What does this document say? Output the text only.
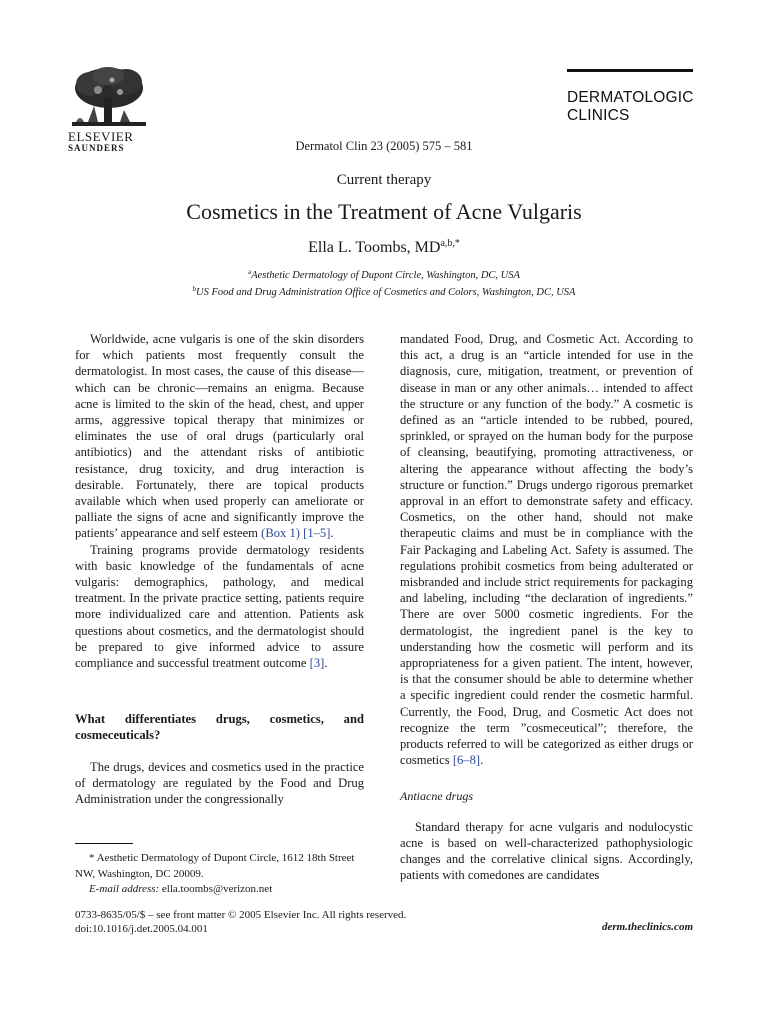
ELSEVIER
SAUNDERS
DERMATOLOGIC
CLINICS
Dermatol Clin 23 (2005) 575 – 581
Current therapy
Cosmetics in the Treatment of Acne Vulgaris
Ella L. Toombs, $MD^{a,b,*}$
$^a$Aesthetic Dermatology of Dupont Circle, Washington, DC, USA
$^b$US Food and Drug Administration Office of Cosmetics and Colors, Washington, DC, USA

Worldwide, acne vulgaris is one of the skin disorders for which patients most frequently consult the dermatologist. In most cases, the cause of this disease—which can be chronic—remains an enigma. Because acne is limited to the skin of the head, chest, and upper arms, aggressive topical therapy that minimizes or eliminates the use of oral drugs (particularly oral antibiotics) and the attendant risks of antibiotic resistance, drug toxicity, and drug interaction is desirable. Fortunately, there are topical products available which when used properly can ameliorate or palliate the signs of acne and significantly improve the patients’ appearance and self esteem (Box 1) [1–5].

Training programs provide dermatology residents with basic knowledge of the fundamentals of acne vulgaris: demographics, pathology, and medical treatment. In the private practice setting, patients require more individualized care and attention. Patients ask questions about cosmetics, and the dermatologist should be prepared to give informed advice to assure compliance and successful treatment outcome [3].

What differentiates drugs, cosmetics, and cosmeceuticals?

The drugs, devices and cosmetics used in the practice of dermatology are regulated by the Food and Drug Administration under the congressionally

mandated Food, Drug, and Cosmetic Act. According to this act, a drug is an “article intended for use in the diagnosis, cure, mitigation, treatment, or prevention of disease in man or any other animals… intended to affect the structure or any function of the body.” A cosmetic is defined as an “article intended to be rubbed, poured, sprinkled, or sprayed on the human body for the purpose of cleansing, beautifying, promoting attractiveness, or altering the appearance without affecting the body’s structure or function.” Drugs undergo rigorous premarket approval in an effort to demonstrate safety and efficacy. Cosmetics, on the other hand, should not make therapeutic claims and must be in compliance with the Fair Packaging and Labeling Act. Safety is assumed. The regulations prohibit cosmetics from being adulterated or misbranded and include strict requirements for packaging and labeling, including “the declaration of ingredients.” There are over 5000 cosmetic ingredients. For the dermatologist, the ingredient panel is the key to understanding how the cosmetic will perform and its appropriateness for a given patient. The intent, however, is that the consumer should be able to determine whether a specific ingredient could render the cosmetic harmful. Currently, the Food, Drug, and Cosmetic Act does not recognize the term ”cosmeceutical”; therefore, the products referred to will be categorized as either drugs or cosmetics [6–8].

Antiacne drugs

Standard therapy for acne vulgaris and nodulocystic acne is based on well-characterized pathophysiologic changes and the correlative clinical signs. Accordingly, patients with comedones are candidates

* Aesthetic Dermatology of Dupont Circle, 1612 18th Street NW, Washington, DC 20009.

E-mail address: ella.toombs@verizon.net

0733-8635/05/$ – see front matter © 2005 Elsevier Inc. All rights reserved.
doi:10.1016/j.det.2005.04.001	derm.theclinics.com
